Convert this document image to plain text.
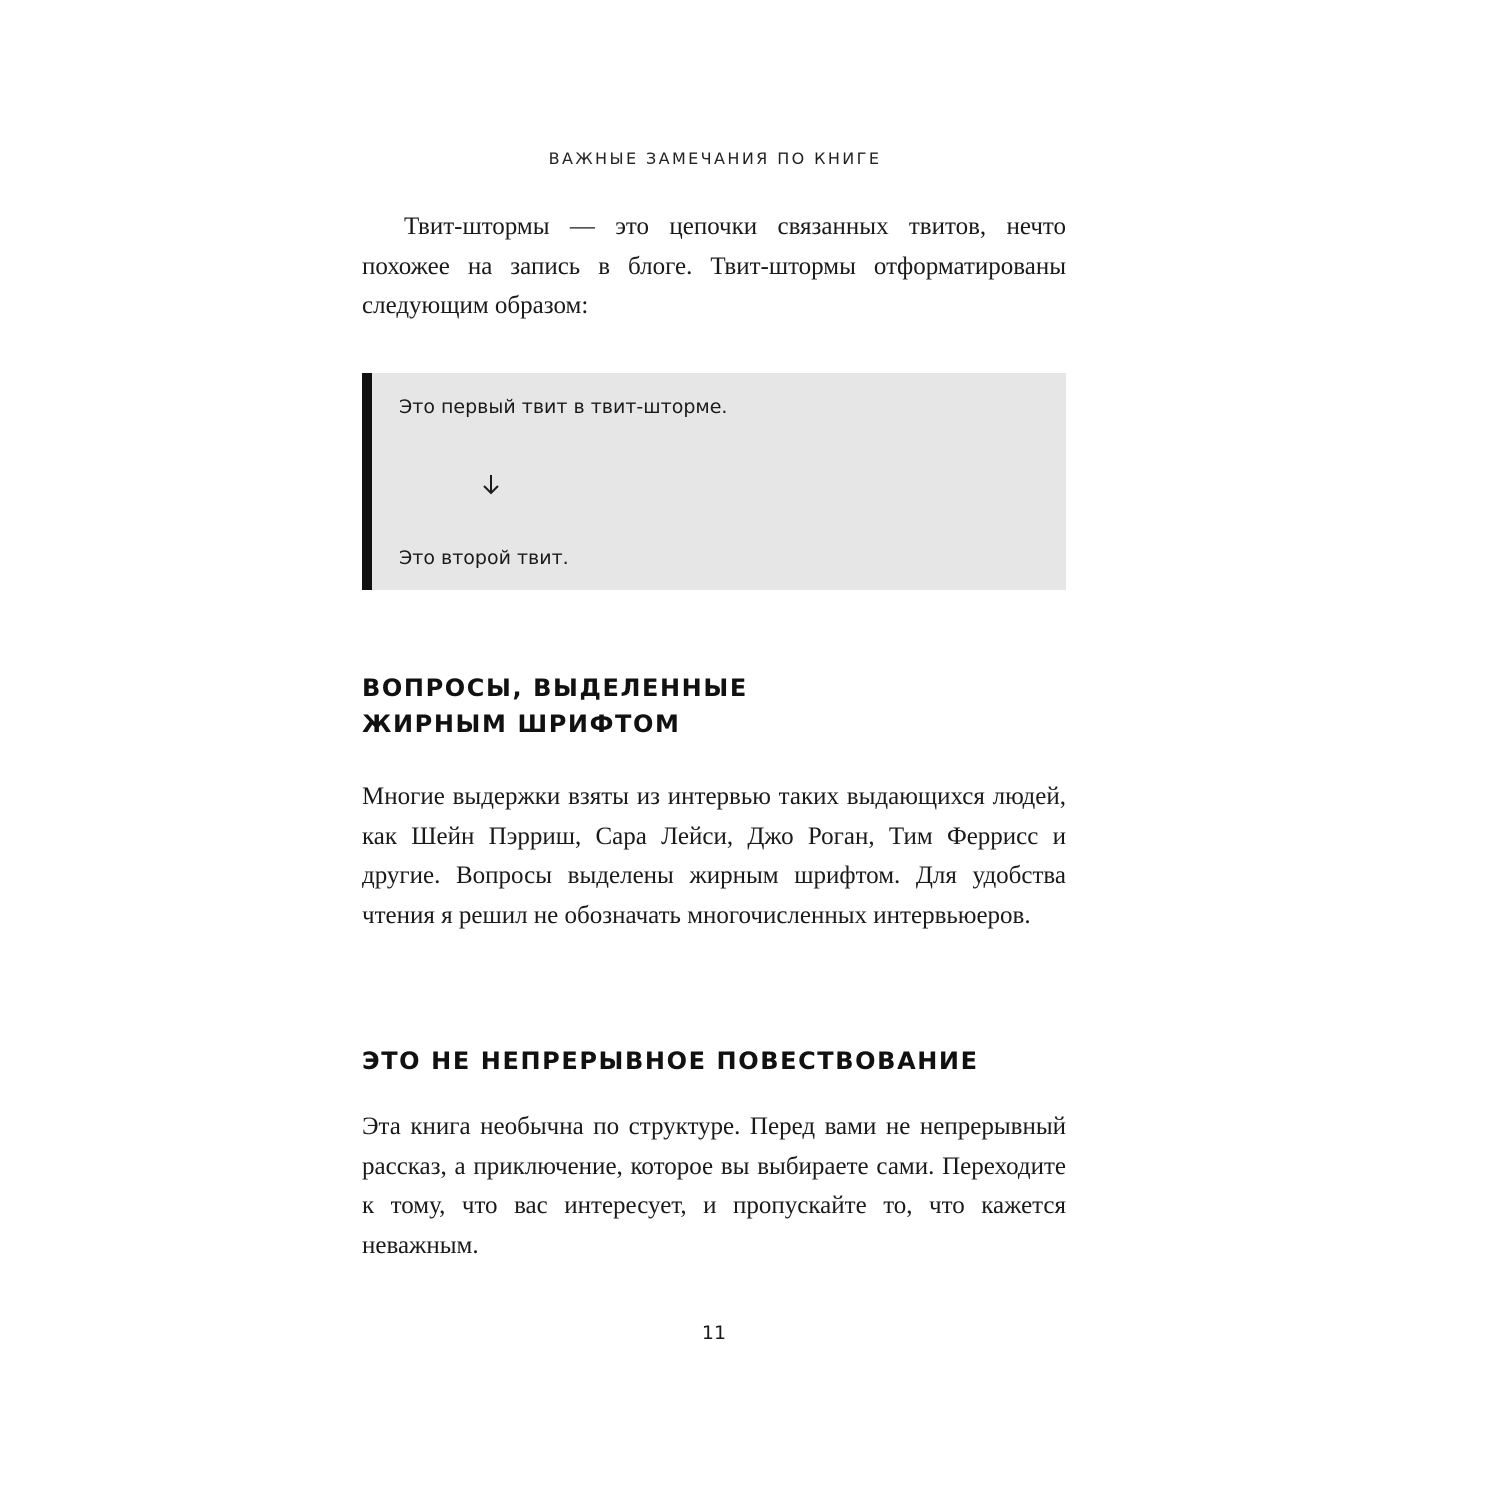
ВАЖНЫЕ ЗАМЕЧАНИЯ ПО КНИГЕ

Твит-штормы — это цепочки связанных твитов, нечто похожее на запись в блоге. Твит-штормы отформатированы следующим образом:

Это первый твит в твит-шторме.
Это второй твит.
ВОПРОСЫ, ВЫДЕЛЕННЫЕ
ЖИРНЫМ ШРИФТОМ

Многие выдержки взяты из интервью таких выдающихся людей, как Шейн Пэрриш, Сара Лейси, Джо Роган, Тим Феррисс и другие. Вопросы выделены жирным шрифтом. Для удобства чтения я решил не обозначать многочисленных интервьюеров.

ЭТО НЕ НЕПРЕРЫВНОЕ ПОВЕСТВОВАНИЕ

Эта книга необычна по структуре. Перед вами не непрерывный рассказ, а приключение, которое вы выбираете сами. Переходите к тому, что вас интересует, и пропускайте то, что кажется неважным.

11
